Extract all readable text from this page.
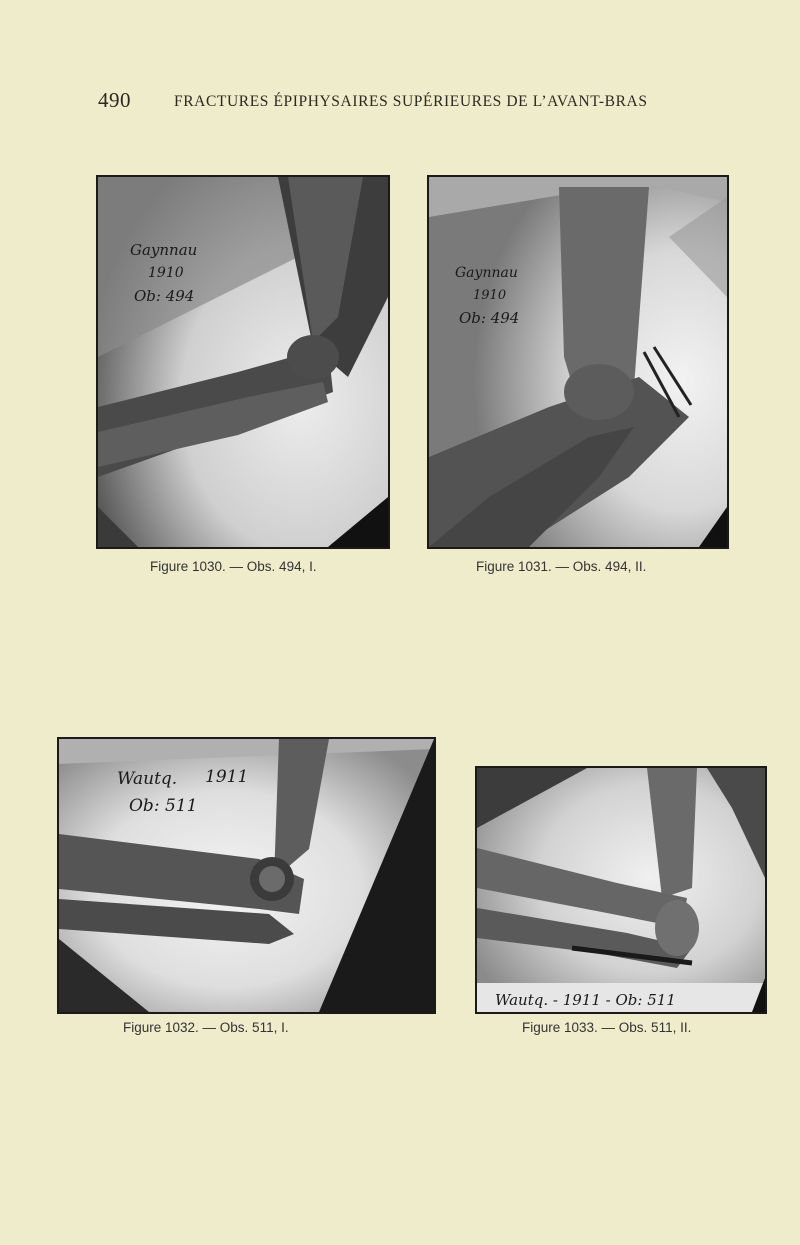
490	FRACTURES ÉPIPHYSAIRES SUPÉRIEURES DE L’AVANT-BRAS
Gaynnau
1910
Ob: 494
Figure 1030. — Obs. 494, I.
Gaynnau
1910
Ob: 494
Figure 1031. — Obs. 494, II.
Wautq. 1911
Ob: 511
Figure 1032. — Obs. 511, I.
Wautq. - 1911 - Ob: 511
Figure 1033. — Obs. 511, II.
